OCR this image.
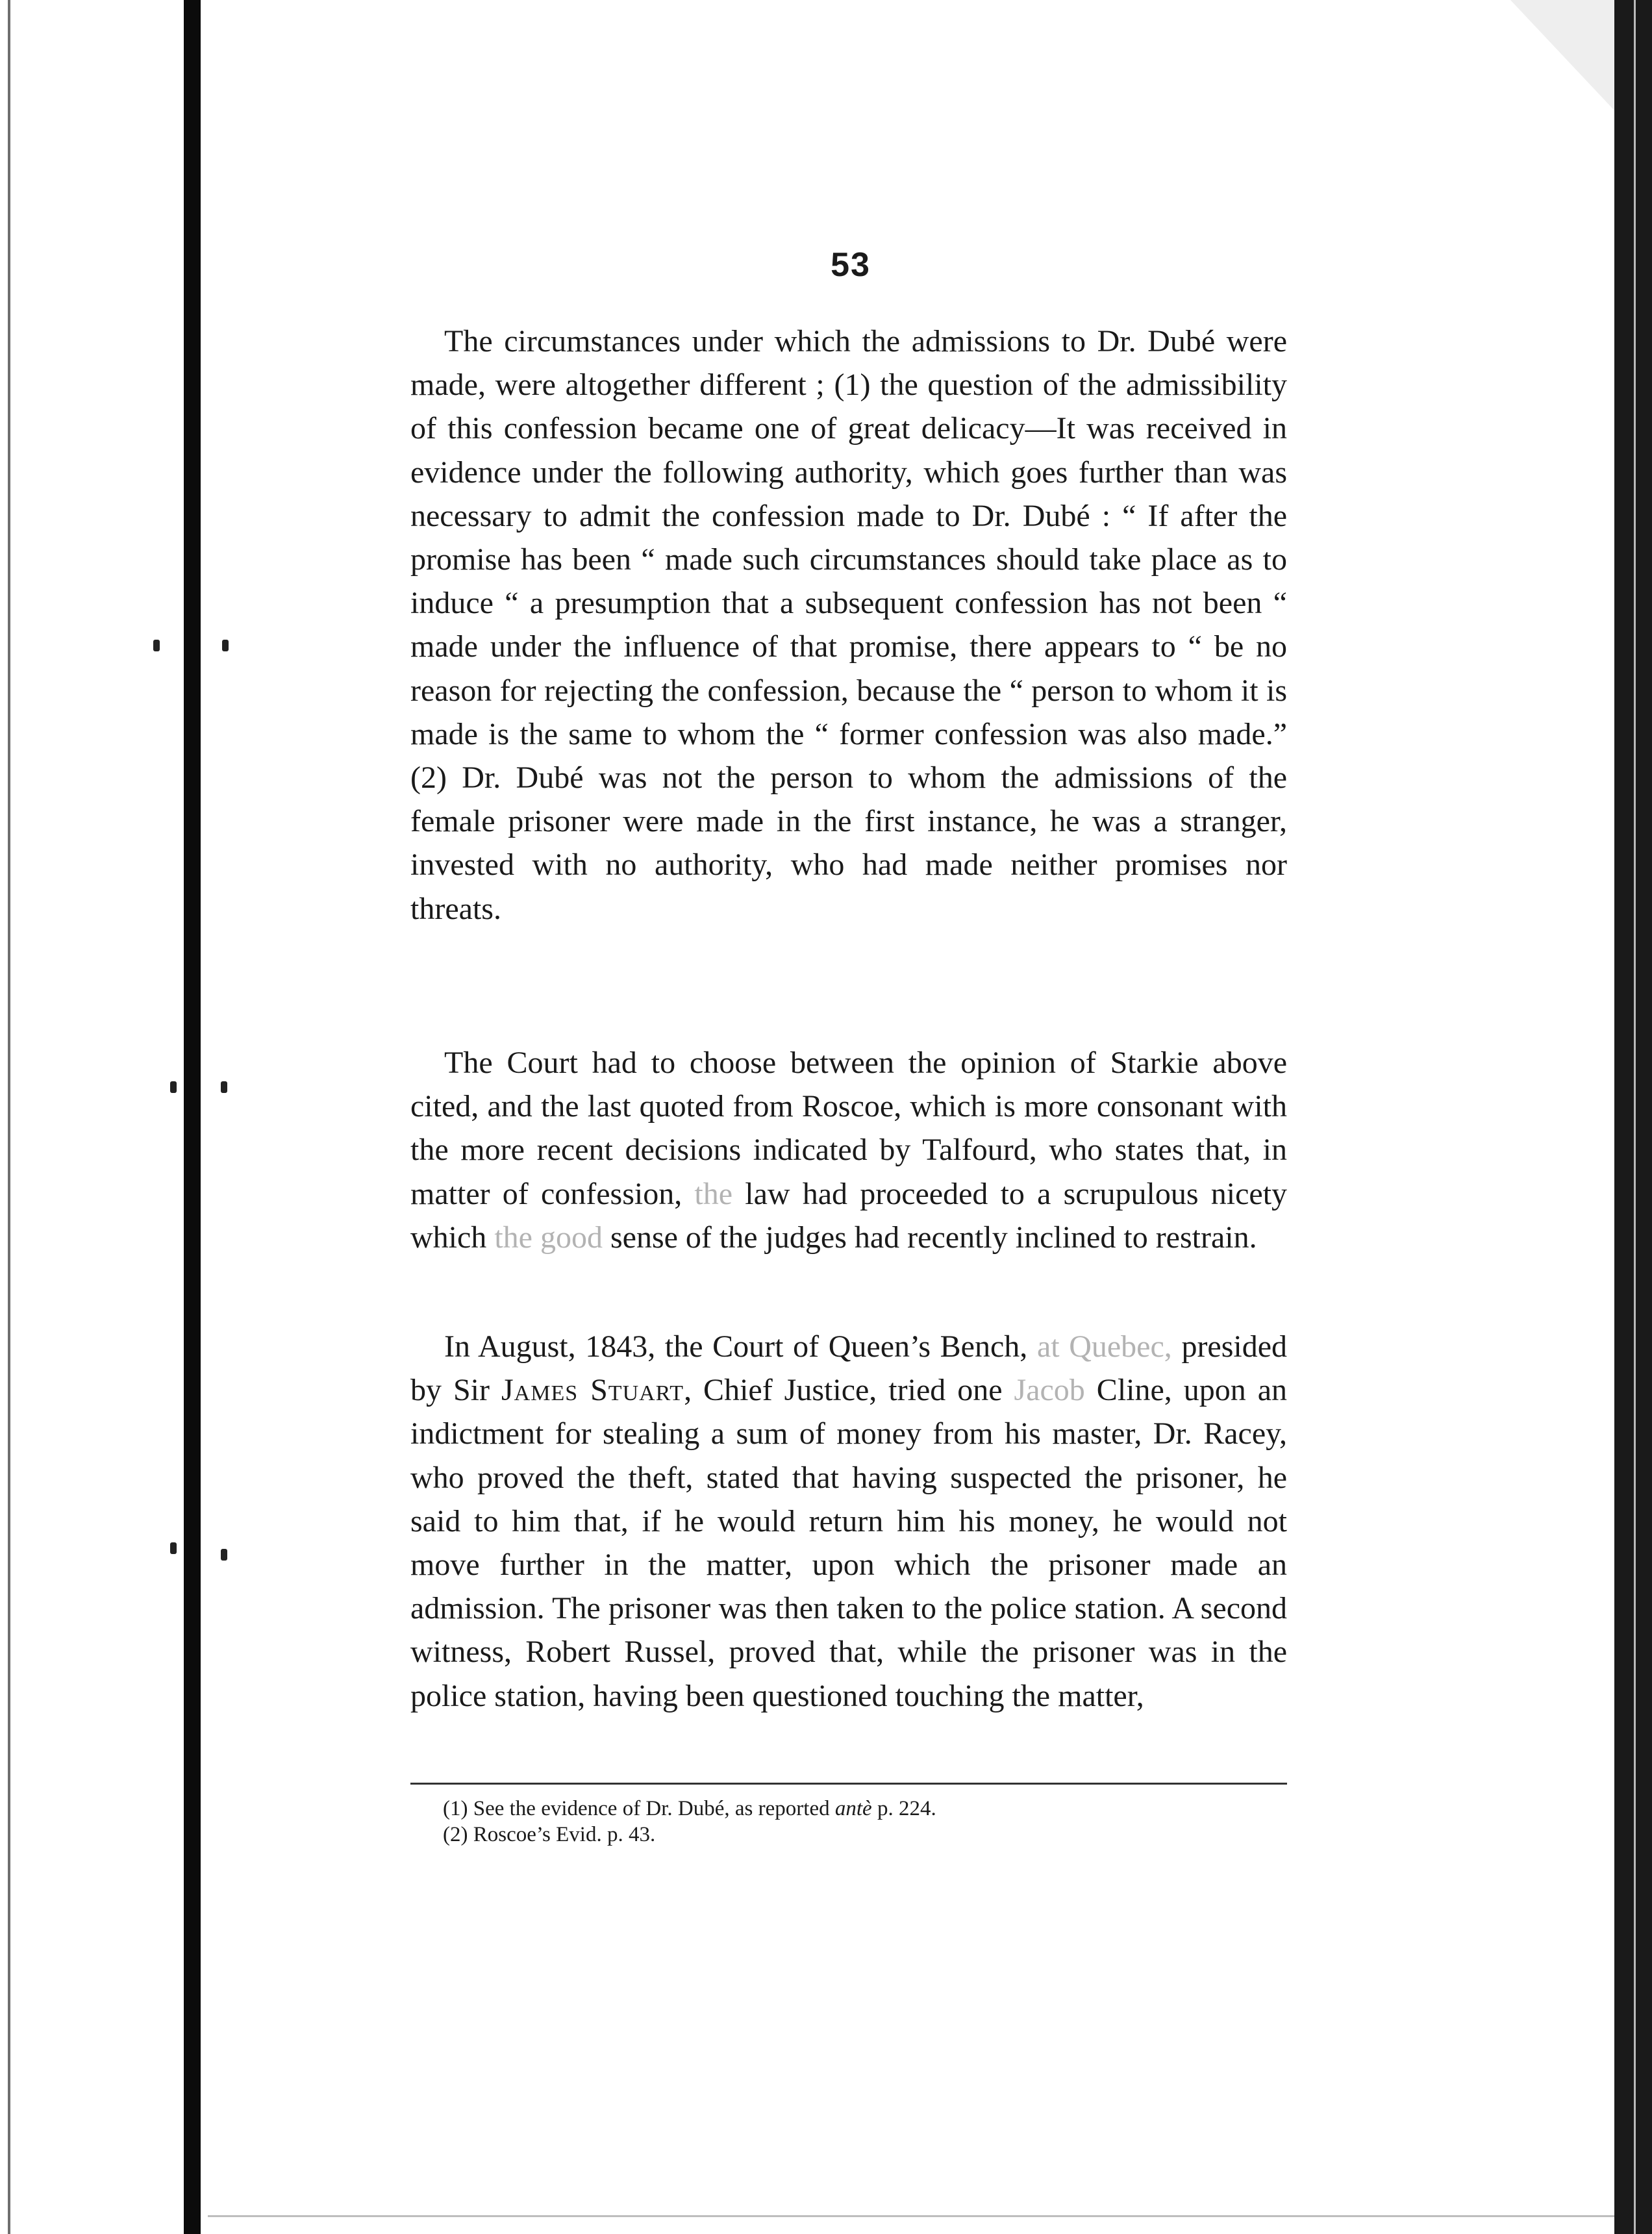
53

The circumstances under which the admissions to Dr. Dubé were made, were altogether different ; (1) the question of the admissibility of this confession became one of great delicacy—It was received in evidence under the following authority, which goes further than was necessary to admit the confession made to Dr. Dubé : “ If after the promise has been “ made such circumstances should take place as to induce “ a presumption that a subsequent confession has not been “ made under the influence of that promise, there appears to “ be no reason for rejecting the confession, because the “ person to whom it is made is the same to whom the “ former confession was also made.” (2) Dr. Dubé was not the person to whom the admissions of the female prisoner were made in the first instance, he was a stranger, invested with no authority, who had made neither promises nor threats.

The Court had to choose between the opinion of Starkie above cited, and the last quoted from Roscoe, which is more consonant with the more recent decisions indicated by Talfourd, who states that, in matter of confession, the law had proceeded to a scrupulous nicety which the good sense of the judges had recently inclined to restrain.

In August, 1843, the Court of Queen’s Bench, at Quebec, presided by Sir James Stuart, Chief Justice, tried one Jacob Cline, upon an indictment for stealing a sum of money from his master, Dr. Racey, who proved the theft, stated that having suspected the prisoner, he said to him that, if he would return him his money, he would not move further in the matter, upon which the prisoner made an admission. The prisoner was then taken to the police station. A second witness, Robert Russel, proved that, while the prisoner was in the police station, having been questioned touching the matter,

(1) See the evidence of Dr. Dubé, as reported antè p. 224.

(2) Roscoe’s Evid. p. 43.
